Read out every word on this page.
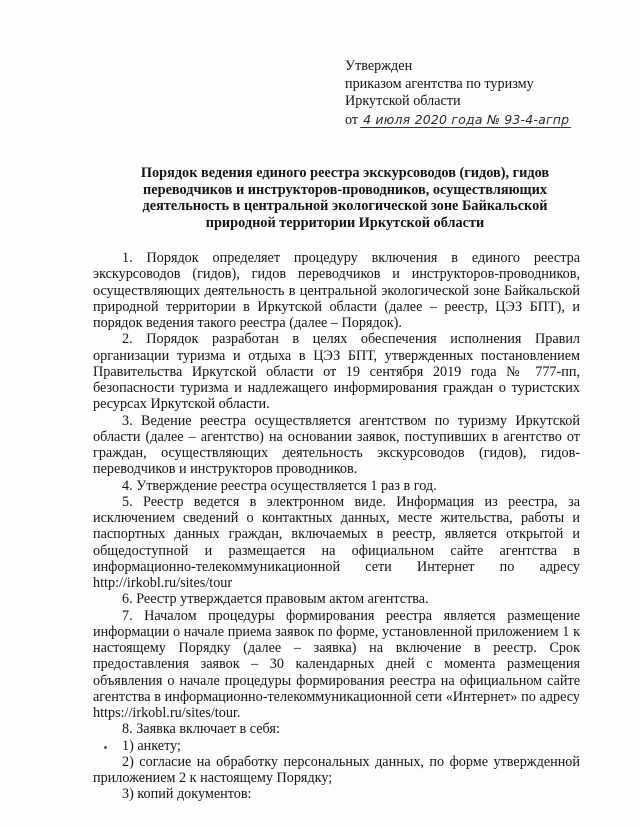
Утвержден
приказом агентства по туризму
Иркутской области
от 4 июля 2020 года № 93-4-агпр
Порядок ведения единого реестра экскурсоводов (гидов), гидов
переводчиков и инструкторов-проводников, осуществляющих
деятельность в центральной экологической зоне Байкальской
природной территории Иркутской области

1. Порядок определяет процедуру включения в единого реестра экскурсоводов (гидов), гидов переводчиков и инструкторов-проводников, осуществляющих деятельность в центральной экологической зоне Байкальской природной территории в Иркутской области (далее – реестр, ЦЭЗ БПТ), и порядок ведения такого реестра (далее – Порядок).

2. Порядок разработан в целях обеспечения исполнения Правил организации туризма и отдыха в ЦЭЗ БПТ, утвержденных постановлением Правительства Иркутской области от 19 сентября 2019 года № 777-пп, безопасности туризма и надлежащего информирования граждан о туристских ресурсах Иркутской области.

3. Ведение реестра осуществляется агентством по туризму Иркутской области (далее – агентство) на основании заявок, поступивших в агентство от граждан, осуществляющих деятельность экскурсоводов (гидов), гидов-переводчиков и инструкторов проводников.

4. Утверждение реестра осуществляется 1 раз в год.

5. Реестр ведется в электронном виде. Информация из реестра, за исключением сведений о контактных данных, месте жительства, работы и паспортных данных граждан, включаемых в реестр, является открытой и общедоступной и размещается на официальном сайте агентства в информационно-телекоммуникационной сети Интернет по адресу http://irkobl.ru/sites/tour

6. Реестр утверждается правовым актом агентства.

7. Началом процедуры формирования реестра является размещение информации о начале приема заявок по форме, установленной приложением 1 к настоящему Порядку (далее – заявка) на включение в реестр. Срок предоставления заявок – 30 календарных дней с момента размещения объявления о начале процедуры формирования реестра на официальном сайте агентства в информационно-телекоммуникационной сети «Интернет» по адресу https://irkobl.ru/sites/tour.

8. Заявка включает в себя:

1) анкету;

2) согласие на обработку персональных данных, по форме утвержденной приложением 2 к настоящему Порядку;

3) копий документов:
